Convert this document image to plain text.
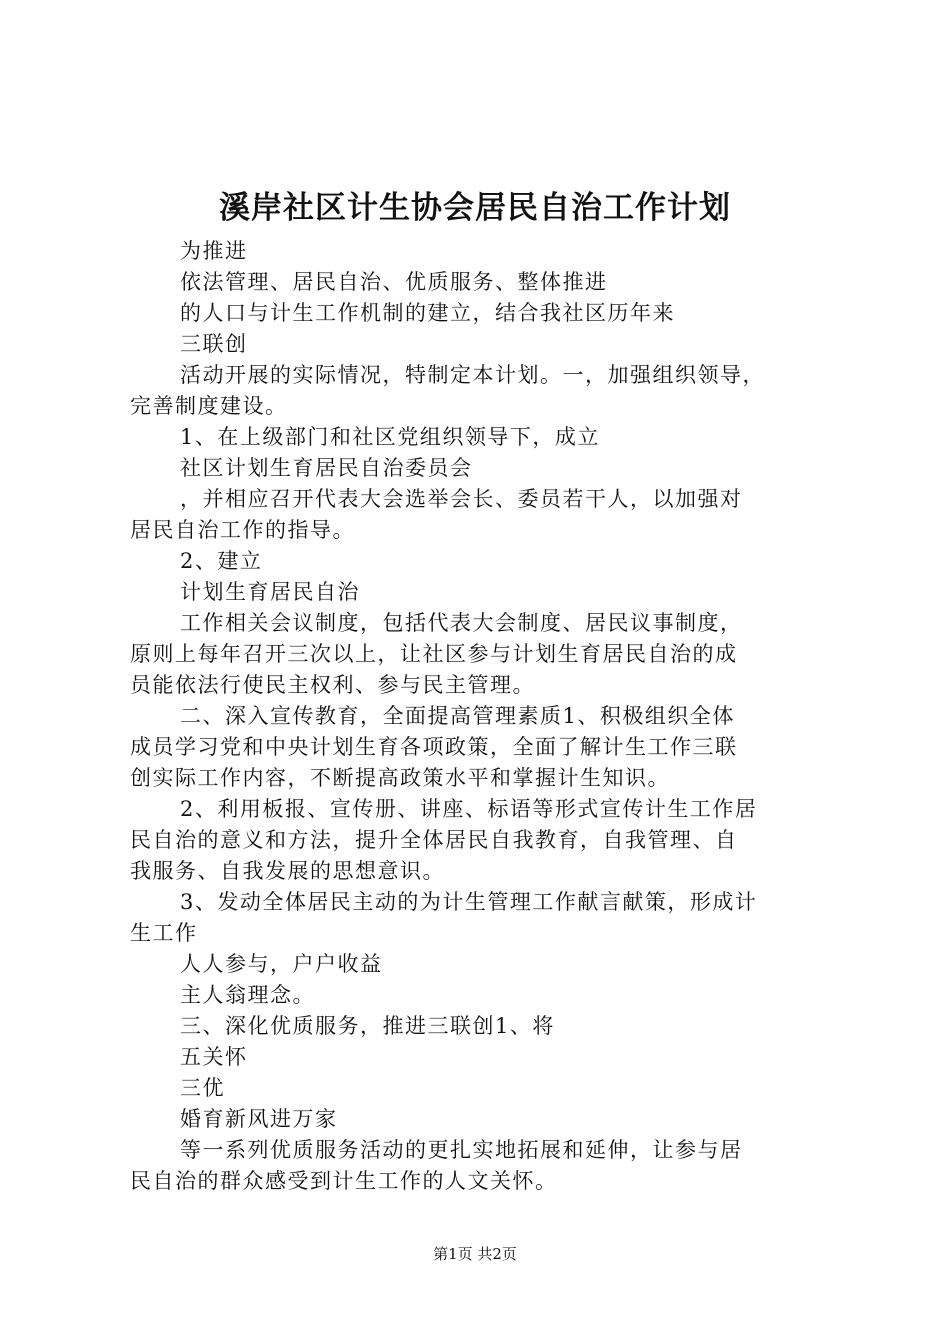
溪岸社区计生协会居民自治工作计划
为推进
依法管理、居民自治、优质服务、整体推进
的人口与计生工作机制的建立，结合我社区历年来
三联创
活动开展的实际情况，特制定本计划。一，加强组织领导，
完善制度建设。
1、在上级部门和社区党组织领导下，成立
社区计划生育居民自治委员会
，并相应召开代表大会选举会长、委员若干人，以加强对
居民自治工作的指导。
2、建立
计划生育居民自治
工作相关会议制度，包括代表大会制度、居民议事制度，
原则上每年召开三次以上，让社区参与计划生育居民自治的成
员能依法行使民主权利、参与民主管理。
二、深入宣传教育，全面提高管理素质1、积极组织全体
成员学习党和中央计划生育各项政策，全面了解计生工作三联
创实际工作内容，不断提高政策水平和掌握计生知识。
2、利用板报、宣传册、讲座、标语等形式宣传计生工作居
民自治的意义和方法，提升全体居民自我教育，自我管理、自
我服务、自我发展的思想意识。
3、发动全体居民主动的为计生管理工作献言献策，形成计
生工作
人人参与，户户收益
主人翁理念。
三、深化优质服务，推进三联创1、将
五关怀
三优
婚育新风进万家
等一系列优质服务活动的更扎实地拓展和延伸，让参与居
民自治的群众感受到计生工作的人文关怀。
第1页 共2页
